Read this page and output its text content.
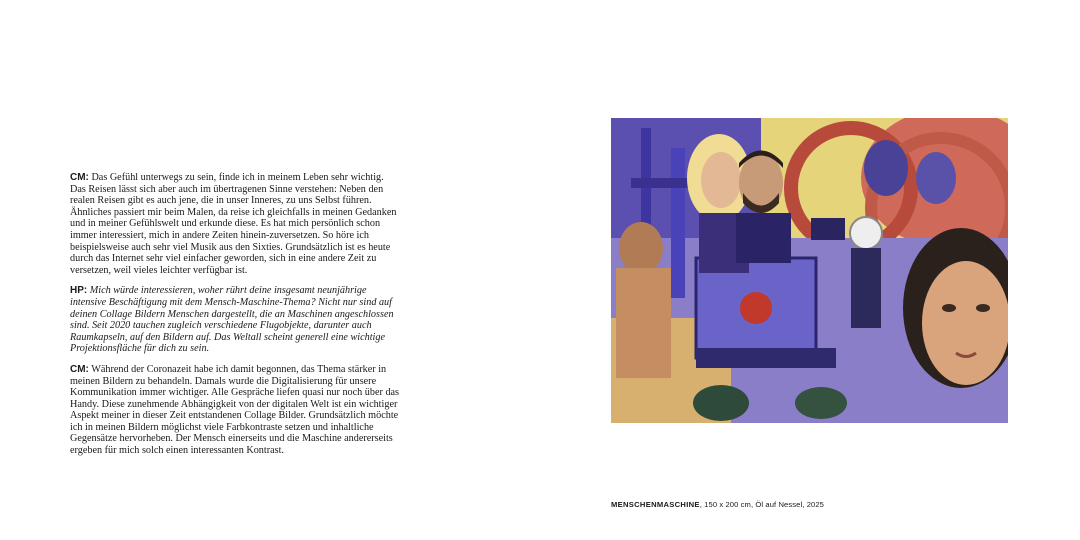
CM: Das Gefühl unterwegs zu sein, finde ich in meinem Leben sehr wichtig. Das Reisen lässt sich aber auch im übertragenen Sinne verstehen: Neben den realen Reisen gibt es auch jene, die in unser Inneres, zu uns Selbst führen. Ähnliches passiert mir beim Malen, da reise ich gleichfalls in meinen Gedanken und in meiner Gefühlswelt und erkunde diese. Es hat mich persönlich schon immer interessiert, mich in andere Zeiten hinein-zuversetzen. So höre ich beispielsweise auch sehr viel Musik aus den Sixties. Grundsätzlich ist es heute durch das Internet sehr viel einfacher geworden, sich in eine andere Zeit zu versetzen, weil vieles leichter verfügbar ist.

HP: Mich würde interessieren, woher rührt deine insgesamt neunjährige intensive Beschäftigung mit dem Mensch-Maschine-Thema? Nicht nur sind auf deinen Collage Bildern Menschen dargestellt, die an Maschinen angeschlossen sind. Seit 2020 tauchen zugleich verschiedene Flugobjekte, darunter auch Raumkapseln, auf den Bildern auf. Das Weltall scheint generell eine wichtige Projektionsfläche für dich zu sein.

CM: Während der Coronazeit habe ich damit begonnen, das Thema stärker in meinen Bildern zu behandeln. Damals wurde die Digitalisierung für unsere Kommunikation immer wichtiger. Alle Gespräche liefen quasi nur noch über das Handy. Diese zunehmende Abhängigkeit von der digitalen Welt ist ein wichtiger Aspekt meiner in dieser Zeit entstandenen Collage Bilder. Grundsätzlich möchte ich in meinen Bildern möglichst viele Farbkontraste setzen und inhaltliche Gegensätze hervorheben. Der Mensch einerseits und die Maschine andererseits ergeben für mich solch einen interessanten Kontrast.

MENSCHENMASCHINE, 150 x 200 cm, Öl auf Nessel, 2025
